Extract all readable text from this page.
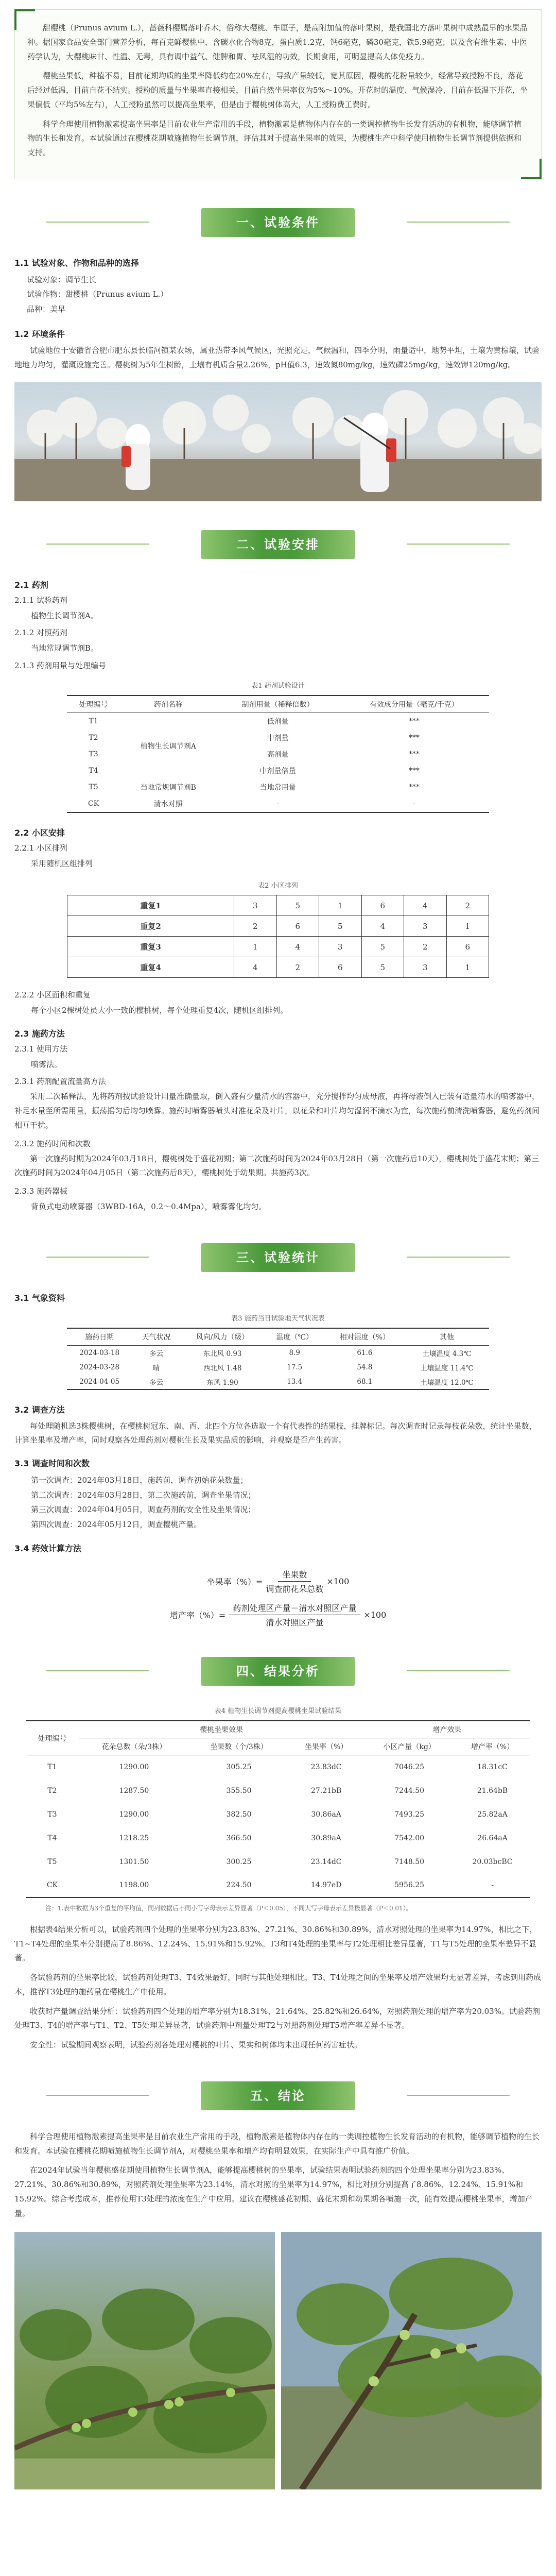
甜樱桃（Prunus avium L.），蔷薇科樱属落叶乔木，俗称大樱桃、车厘子，是高附加值的落叶果树，是我国北方落叶果树中成熟最早的水果品种。据国家食品安全部门营养分析，每百克鲜樱桃中，含碳水化合物8克，蛋白质1.2克，钙6毫克，磷30毫克，铁5.9毫克；以及含有维生素、中医药学认为，大樱桃味甘、性温、无毒，具有调中益气、健脾和胃、祛风湿的功效，长期食用，可明显提高人体免疫力。

樱桃坐果低，种植不易，目前花期均质的坐果率降低约在20%左右，导致产量较低，宽其原因，樱桃的花粉量较少，经常导致授粉不良，落花后经过低温，目前自花不结实。授粉的质量与坐果率直接相关，目前自然坐果率仅为5%～10%。开花时的温度、气候湿冷、目前在低温下开花，坐果偏低（平均5%左右），人工授粉虽然可以提高坐果率，但是由于樱桃树体高大，人工授粉费工费时。

科学合理使用植物激素提高坐果率是目前农业生产常用的手段，植物激素是植物体内存在的一类调控植物生长发育活动的有机物，能够调节植物的生长和发育。本试验通过在樱桃花期喷施植物生长调节剂，评估其对于提高坐果率的效果，为樱桃生产中科学使用植物生长调节剂提供依据和支持。

一、试验条件
1.1 试验对象、作物和品种的选择
试验对象：调节生长
试验作物：甜樱桃（Prunus avium L.）
品种：美早
1.2 环境条件

试验地位于安徽省合肥市肥东县长临河镇某农场，属亚热带季风气候区，光照充足，气候温和，四季分明，雨量适中，地势平坦，土壤为黄棕壤，试验地地力均匀，灌溉设施完善。樱桃树为5年生树龄，土壤有机质含量2.26%，pH值6.3，速效氮80mg/kg，速效磷25mg/kg，速效钾120mg/kg。

二、试验安排
2.1 药剂
2.1.1 试验药剂
植物生长调节剂A。
2.1.2 对照药剂
当地常规调节剂B。
2.1.3 药剂用量与处理编号
表1 药剂试验设计
处理编号	药剂名称	制剂用量（稀释倍数）	有效成分用量（毫克/千克）
T1	植物生长调节剂A	低剂量	***
T2		中剂量	***
T3		高剂量	***
T4		中剂量倍量	***
T5	当地常规调节剂B	当地常用量	***
CK	清水对照	-	-
2.2 小区安排
2.2.1 小区排列
采用随机区组排列
表2 小区排列
重复1	3	5	1	6	4	2
重复2	2	6	5	4	3	1
重复3	1	4	3	5	2	6
重复4	4	2	6	5	3	1
2.2.2 小区面积和重复
每个小区2棵树处员大小一致的樱桃树，每个处理重复4次，随机区组排列。
2.3 施药方法
2.3.1 使用方法
喷雾法。
2.3.1 药剂配置流量高方法

采用二次稀释法，先将药剂按试验设计用量准确量取，倒入盛有少量清水的容器中，充分搅拌均匀成母液，再将母液倒入已装有适量清水的喷雾器中，补足水量至所需用量，振荡摇匀后均匀喷雾。施药时喷雾器喷头对准花朵及叶片，以花朵和叶片均匀湿润不滴水为宜，每次施药前清洗喷雾器，避免药剂间相互干扰。

2.3.2 施药时间和次数

第一次施药时期为2024年03月18日，樱桃树处于盛花初期；第二次施药时间为2024年03月28日（第一次施药后10天），樱桃树处于盛花末期；第三次施药时间为2024年04月05日（第二次施药后8天），樱桃树处于幼果期。共施药3次。

2.3.3 施药器械
背负式电动喷雾器（3WBD-16A，0.2～0.4Mpa），喷雾雾化均匀。
三、试验统计
3.1 气象资料
表3 施药当日试验地天气状况表
施药日期	天气状况	风向/风力（级）	温度（℃）	相对湿度（%）	其他
2024-03-18	多云	东北风 0.93	8.9	61.6	土壤温度 4.3℃
2024-03-28	晴	西北风 1.48	17.5	54.8	土壤温度 11.4℃
2024-04-05	多云	东风 1.90	13.4	68.1	土壤温度 12.0℃
3.2 调查方法

每处理随机选3株樱桃树，在樱桃树冠东、南、西、北四个方位各选取一个有代表性的结果枝，挂牌标记。每次调查时记录每枝花朵数，统计坐果数，计算坐果率及增产率，同时观察各处理药剂对樱桃生长及果实品质的影响，并观察是否产生药害。

3.3 调查时间和次数
第一次调查：2024年03月18日，施药前，调查初始花朵数量；
第二次调查：2024年03月28日，第二次施药前，调查坐果情况；
第三次调查：2024年04月05日，调查药剂的安全性及坐果情况；
第四次调查：2024年05月12日，调查樱桃产量。
3.4 药效计算方法
坐果率（%）= $\frac{\text{坐果数}}{\text{调查前花朵总数}} \times 100$
增产率（%）= $\frac{\text{药剂处理区产量－清水对照区产量}}{\text{清水对照区产量}} \times 100$
四、结果分析
表4 植物生长调节剂提高樱桃坐果试验结果
处理编号	樱桃坐果效果			增产效果	
	花朵总数（朵/3株）	坐果数（个/3株）	坐果率（%）	小区产量（kg）	增产率（%）
T1	1290.00	305.25	23.83dC	7046.25	18.31cC
T2	1287.50	355.50	27.21bB	7244.50	21.64bB
T3	1290.00	382.50	30.86aA	7493.25	25.82aA
T4	1218.25	366.50	30.89aA	7542.00	26.64aA
T5	1301.50	300.25	23.14dC	7148.50	20.03bcBC
CK	1198.00	224.50	14.97eD	5956.25	-
注：1.表中数据为3个重复的平均值，同列数据后不同小写字母表示差异显著（P＜0.05），不同大写字母表示差异极显著（P＜0.01）。

根据表4结果分析可以，试验药剂四个处理的坐果率分别为23.83%、27.21%、30.86%和30.89%，清水对照处理的坐果率为14.97%，相比之下，T1~T4处理的坐果率分别提高了8.86%、12.24%、15.91%和15.92%。T3和T4处理的坐果率与T2处理相比差异显著，T1与T5处理的坐果率差异不显著。

各试验药剂的坐果率比较，试验药剂处理T3、T4效果最好，同时与其他处理相比，T3、T4处理之间的坐果率及增产效果均无显著差异，考虑到用药成本，推荐T3处理的施药量在樱桃生产中使用。

收获时产量调查结果分析：试验药剂四个处理的增产率分别为18.31%、21.64%、25.82%和26.64%，对照药剂处理的增产率为20.03%。试验药剂处理T3、T4的增产率与T1、T2、T5处理差异显著，试验药剂中剂量处理T2与对照药剂处理T5增产率差异不显著。

安全性：试验期间观察表明，试验药剂各处理对樱桃的叶片、果实和树体均未出现任何药害症状。

五、结论

科学合理使用植物激素提高坐果率是目前农业生产常用的手段，植物激素是植物体内存在的一类调控植物生长发育活动的有机物，能够调节植物的生长和发育。本试验在樱桃花期喷施植物生长调节剂A，对樱桃坐果率和增产均有明显效果，在实际生产中具有推广价值。

在2024年试验当年樱桃盛花期使用植物生长调节剂A，能够提高樱桃树的坐果率，试验结果表明试验药剂的四个处理坐果率分别为23.83%、27.21%、30.86%和30.89%，对照药剂处理坐果率为23.14%，清水对照的坐果率为14.97%，相比对照分别提高了8.86%、12.24%、15.91%和15.92%。综合考虑成本，推荐使用T3处理的浓度在生产中应用。建议在樱桃盛花初期、盛花末期和幼果期各喷施一次，能有效提高樱桃坐果率，增加产量。
